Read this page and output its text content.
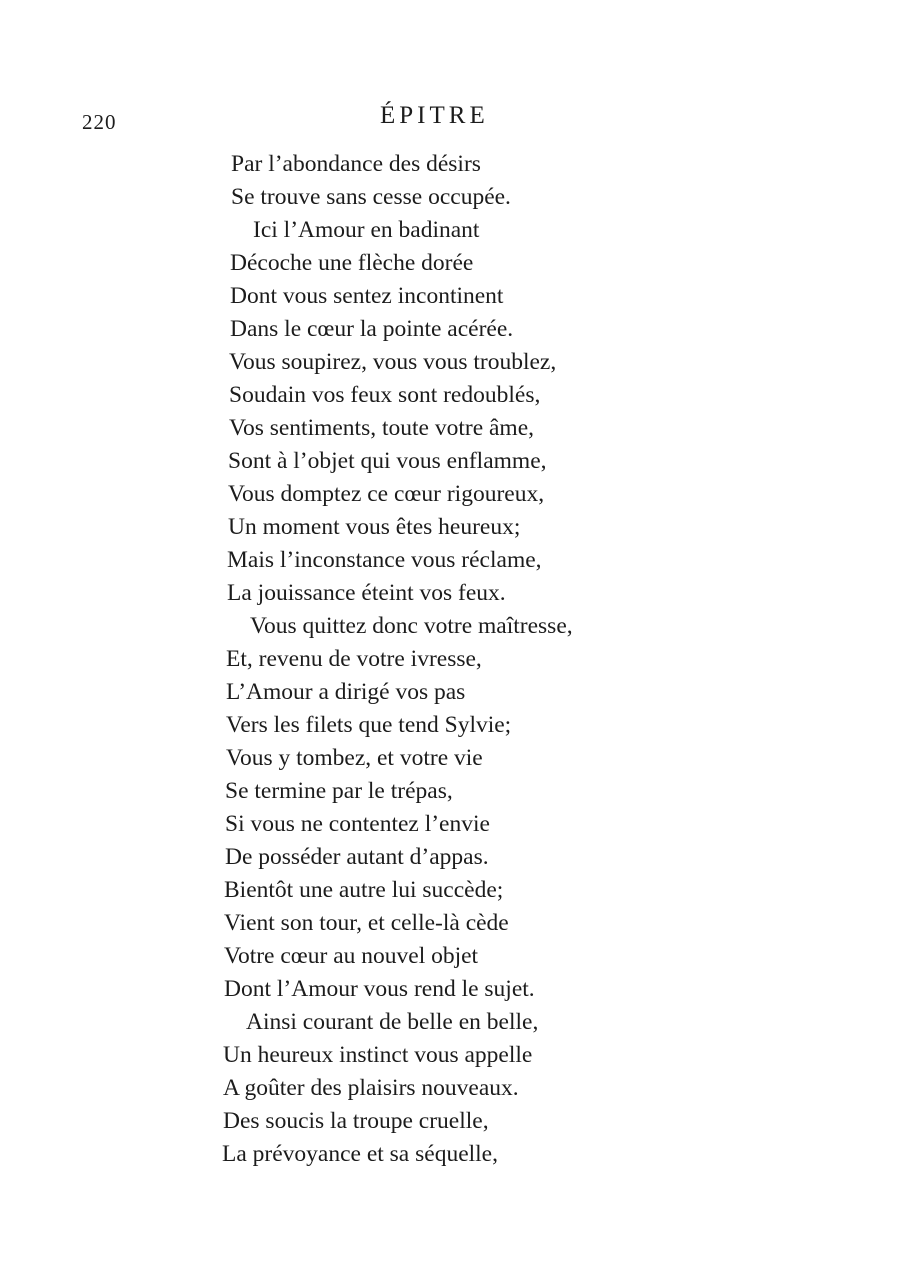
220	ÉPITRE
Par l’abondance des désirs
Se trouve sans cesse occupée.
Ici l’Amour en badinant
Décoche une flèche dorée
Dont vous sentez incontinent
Dans le cœur la pointe acérée.
Vous soupirez, vous vous troublez,
Soudain vos feux sont redoublés,
Vos sentiments, toute votre âme,
Sont à l’objet qui vous enflamme,
Vous domptez ce cœur rigoureux,
Un moment vous êtes heureux;
Mais l’inconstance vous réclame,
La jouissance éteint vos feux.
Vous quittez donc votre maîtresse,
Et, revenu de votre ivresse,
L’Amour a dirigé vos pas
Vers les filets que tend Sylvie;
Vous y tombez, et votre vie
Se termine par le trépas,
Si vous ne contentez l’envie
De posséder autant d’appas.
Bientôt une autre lui succède;
Vient son tour, et celle-là cède
Votre cœur au nouvel objet
Dont l’Amour vous rend le sujet.
Ainsi courant de belle en belle,
Un heureux instinct vous appelle
A goûter des plaisirs nouveaux.
Des soucis la troupe cruelle,
La prévoyance et sa séquelle,
